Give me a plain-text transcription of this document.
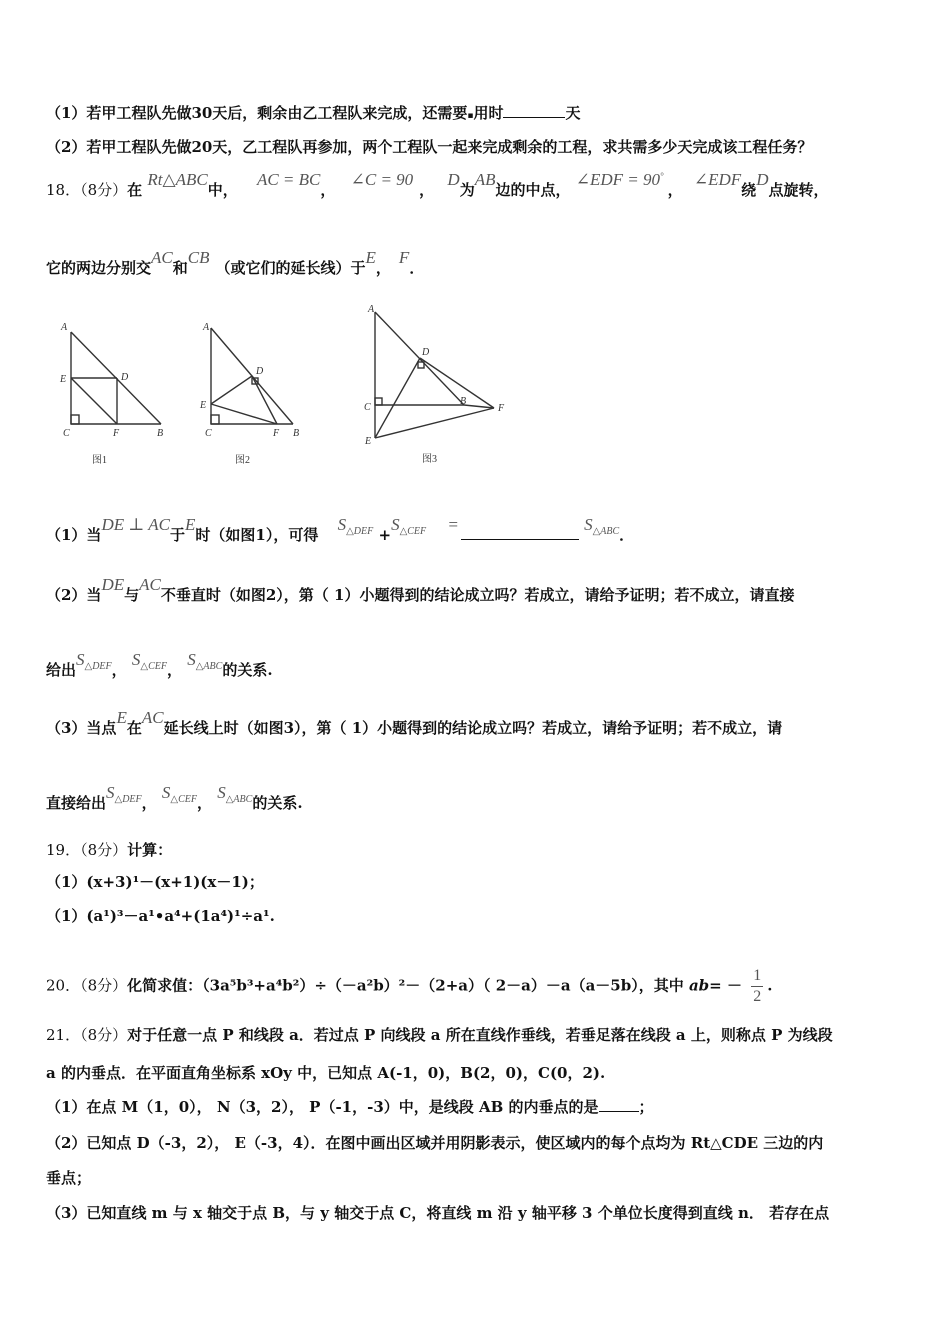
（1）若甲工程队先做30天后，剩余由乙工程队来完成，还需要▪用时	天
（2）若甲工程队先做20天，乙工程队再参加，两个工程队一起来完成剩余的工程，求共需多少天完成该工程任务？
18．（8分）在 Rt△ABC中， AC = BC， ∠C = 90， D为AB边的中点， ∠EDF = 90°， ∠EDF绕D点旋转，
它的两边分别交AC和CB（或它们的延长线）于E，F．
A
E	D
C	F	B
图1
A
E
D
C	F B
图2
A
D
C
B
F
E
图3
（1）当DE ⊥ AC于E时（如图1），可得 $S^{\triangle DEF} +S^{\triangle CEF}$ =	$S^{\triangle ABC}$．
（2）当DE与AC不垂直时（如图2），第（ 1）小题得到的结论成立吗？若成立，请给予证明；若不成立，请直接
给出$S^{\triangle DEF}$， $S^{\triangle CEF}$， $S^{\triangle ABC}$的关系.
（3）当点E在AC延长线上时（如图3），第（ 1）小题得到的结论成立吗？若成立，请给予证明；若不成立，请
直接给出$S^{\triangle DEF}$， $S^{\triangle CEF}$， $S^{\triangle ABC}$的关系.
19．（8分）计算：
（1）(x+3)¹－(x+1)(x－1)；
（1）(a¹)³－a¹•a⁴+(1a⁴)¹÷a¹.
20．（8分）化简求值：（3a⁵b³+a⁴b²）÷（－a²b）²－（2+a）（ 2－a）－a（a－5b），其中 $ab= - \frac{1}{2}$ .
21．（8分）对于任意一点 P 和线段 a．若过点 P 向线段 a 所在直线作垂线，若垂足落在线段 a 上，则称点 P 为线段
a 的内垂点．在平面直角坐标系 xOy 中，已知点 A(-1，0)，B(2，0)，C(0，2).
（1）在点 M（1，0）， N（3，2）， P（-1，-3）中，是线段 AB 的内垂点的是	；
（2）已知点 D（-3，2）， E（-3，4）．在图中画出区域并用阴影表示，使区域内的每个点均为 Rt△CDE 三边的内
垂点；
（3）已知直线 m 与 x 轴交于点 B，与 y 轴交于点 C，将直线 m 沿 y 轴平移 3 个单位长度得到直线 n． 若存在点
